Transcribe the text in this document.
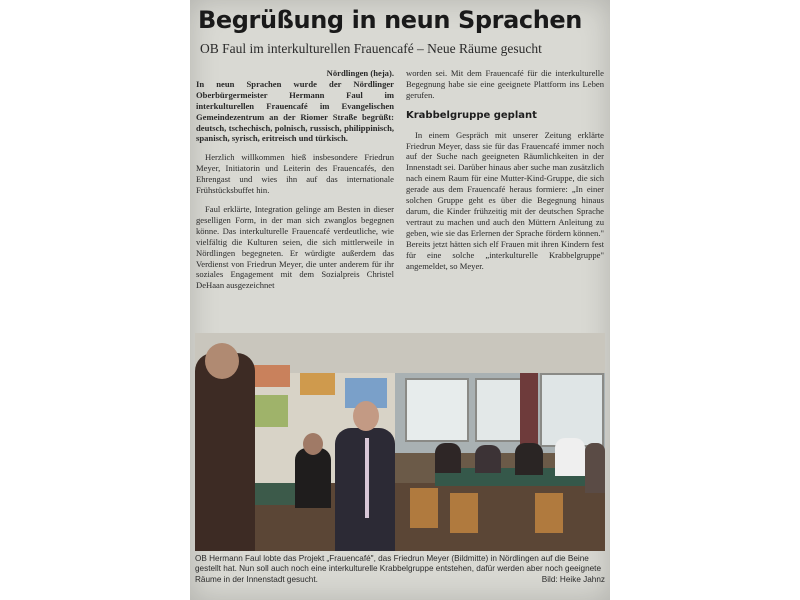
Begrüßung in neun Sprachen
OB Faul im interkulturellen Frauencafé – Neue Räume gesucht

Nördlingen (heja).
In neun Sprachen wurde der Nördlinger Oberbürgermeister Hermann Faul im interkulturellen Frauencafé im Evangelischen Gemeindezentrum an der Riomer Straße begrüßt: deutsch, tschechisch, polnisch, russisch, philippinisch, spanisch, syrisch, eritreisch und türkisch.

Herzlich willkommen hieß insbesondere Friedrun Meyer, Initiatorin und Leiterin des Frauencafés, den Ehrengast und wies ihn auf das internationale Frühstücksbuffet hin.

Faul erklärte, Integration gelinge am Besten in dieser geselligen Form, in der man sich zwanglos begegnen könne. Das interkulturelle Frauencafé verdeutliche, wie vielfältig die Kulturen seien, die sich mittlerweile in Nördlingen begegneten. Er würdigte außerdem das Verdienst von Friedrun Meyer, die unter anderem für ihr soziales Engagement mit dem Sozialpreis Christel DeHaan ausgezeichnet

worden sei. Mit dem Frauencafé für die interkulturelle Begegnung habe sie eine geeignete Plattform ins Leben gerufen.

Krabbelgruppe geplant

In einem Gespräch mit unserer Zeitung erklärte Friedrun Meyer, dass sie für das Frauencafé immer noch auf der Suche nach geeigneten Räumlichkeiten in der Innenstadt sei. Darüber hinaus aber suche man zusätzlich nach einem Raum für eine Mutter-Kind-Gruppe, die sich gerade aus dem Frauencafé heraus formiere: „In einer solchen Gruppe geht es über die Begegnung hinaus darum, die Kinder frühzeitig mit der deutschen Sprache vertraut zu machen und auch den Müttern Anleitung zu geben, wie sie das Erlernen der Sprache fördern können." Bereits jetzt hätten sich elf Frauen mit ihren Kindern fest für eine solche „interkulturelle Krabbelgruppe" angemeldet, so Meyer.

OB Hermann Faul lobte das Projekt „Frauencafé", das Friedrun Meyer (Bildmitte) in Nördlingen auf die Beine gestellt hat. Nun soll auch noch eine interkulturelle Krabbelgruppe entstehen, dafür werden aber noch geeignete Räume in der Innenstadt gesucht.	Bild: Heike Jahnz
